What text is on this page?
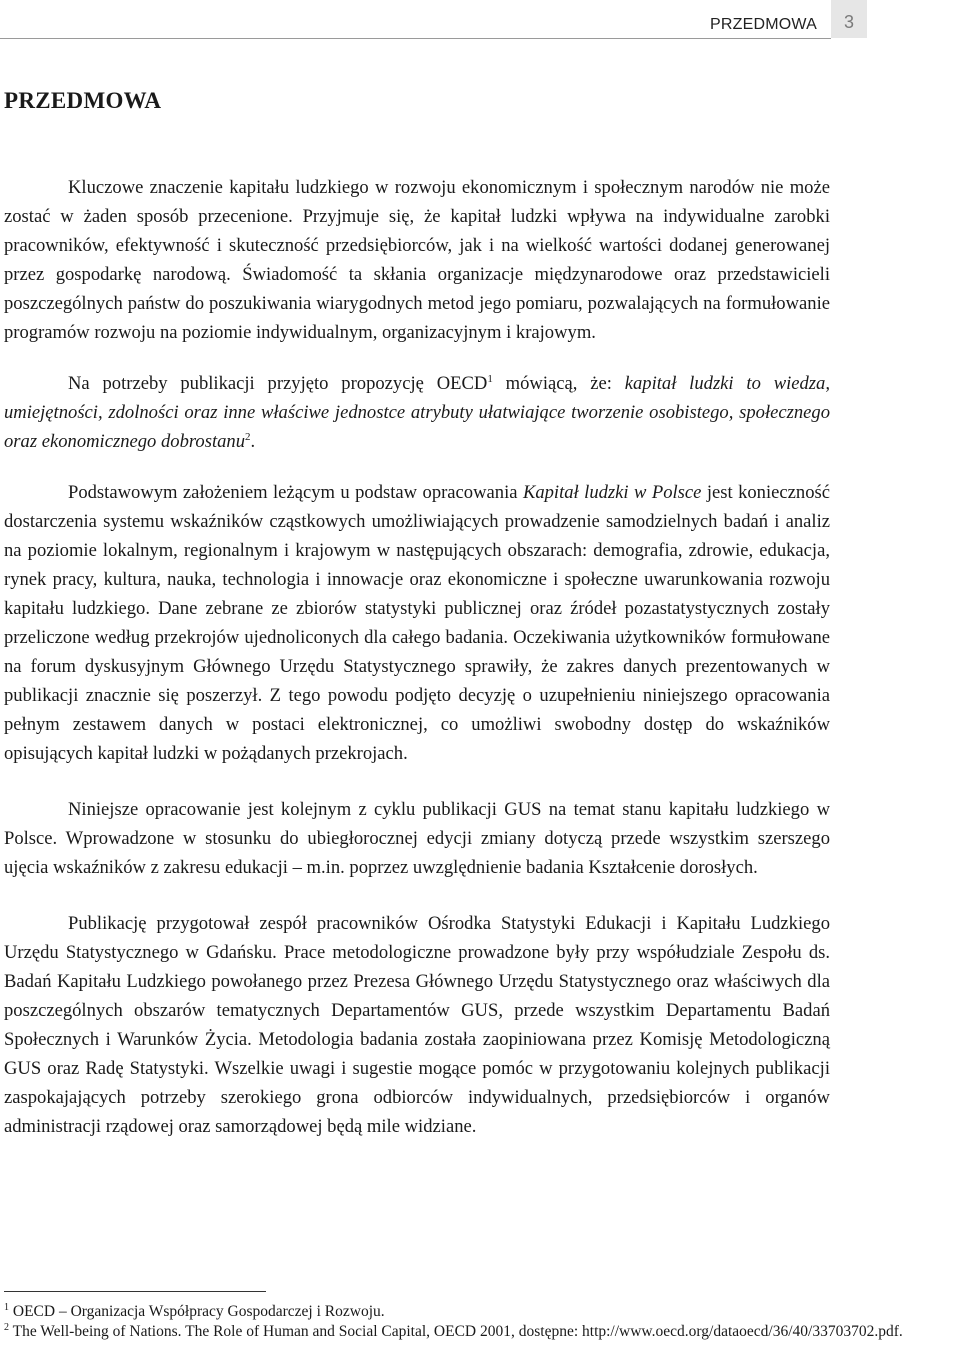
PRZEDMOWA	3
PRZEDMOWA

Kluczowe znaczenie kapitału ludzkiego w rozwoju ekonomicznym i społecznym narodów nie może zostać w żaden sposób przecenione. Przyjmuje się, że kapitał ludzki wpływa na indywidualne zarobki pracowników, efektywność i skuteczność przedsiębiorców, jak i na wielkość wartości dodanej generowanej przez gospodarkę narodową. Świadomość ta skłania organizacje międzynarodowe oraz przedstawicieli poszczególnych państw do poszukiwania wiarygodnych metod jego pomiaru, pozwalających na formułowanie programów rozwoju na poziomie indywidualnym, organizacyjnym i krajowym.

Na potrzeby publikacji przyjęto propozycję OECD$^1$ mówiącą, że: kapitał ludzki to wiedza, umiejętności, zdolności oraz inne właściwe jednostce atrybuty ułatwiające tworzenie osobistego, społecznego oraz ekonomicznego dobrostanu$^2$.

Podstawowym założeniem leżącym u podstaw opracowania Kapitał ludzki w Polsce jest konieczność dostarczenia systemu wskaźników cząstkowych umożliwiających prowadzenie samodzielnych badań i analiz na poziomie lokalnym, regionalnym i krajowym w następujących obszarach: demografia, zdrowie, edukacja, rynek pracy, kultura, nauka, technologia i innowacje oraz ekonomiczne i społeczne uwarunkowania rozwoju kapitału ludzkiego. Dane zebrane ze zbiorów statystyki publicznej oraz źródeł pozastatystycznych zostały przeliczone według przekrojów ujednoliconych dla całego badania. Oczekiwania użytkowników formułowane na forum dyskusyjnym Głównego Urzędu Statystycznego sprawiły, że zakres danych prezentowanych w publikacji znacznie się poszerzył. Z tego powodu podjęto decyzję o uzupełnieniu niniejszego opracowania pełnym zestawem danych w postaci elektronicznej, co umożliwi swobodny dostęp do wskaźników opisujących kapitał ludzki w pożądanych przekrojach.

Niniejsze opracowanie jest kolejnym z cyklu publikacji GUS na temat stanu kapitału ludzkiego w Polsce. Wprowadzone w stosunku do ubiegłorocznej edycji zmiany dotyczą przede wszystkim szerszego ujęcia wskaźników z zakresu edukacji – m.in. poprzez uwzględnienie badania Kształcenie dorosłych.

Publikację przygotował zespół pracowników Ośrodka Statystyki Edukacji i Kapitału Ludzkiego Urzędu Statystycznego w Gdańsku. Prace metodologiczne prowadzone były przy współudziale Zespołu ds. Badań Kapitału Ludzkiego powołanego przez Prezesa Głównego Urzędu Statystycznego oraz właściwych dla poszczególnych obszarów tematycznych Departamentów GUS, przede wszystkim Departamentu Badań Społecznych i Warunków Życia. Metodologia badania została zaopiniowana przez Komisję Metodologiczną GUS oraz Radę Statystyki. Wszelkie uwagi i sugestie mogące pomóc w przygotowaniu kolejnych publikacji zaspokajających potrzeby szerokiego grona odbiorców indywidualnych, przedsiębiorców i organów administracji rządowej oraz samorządowej będą mile widziane.

$^1$ OECD – Organizacja Współpracy Gospodarczej i Rozwoju.

$^2$ The Well-being of Nations. The Role of Human and Social Capital, OECD 2001, dostępne: http://www.oecd.org/dataoecd/36/40/33703702.pdf.
